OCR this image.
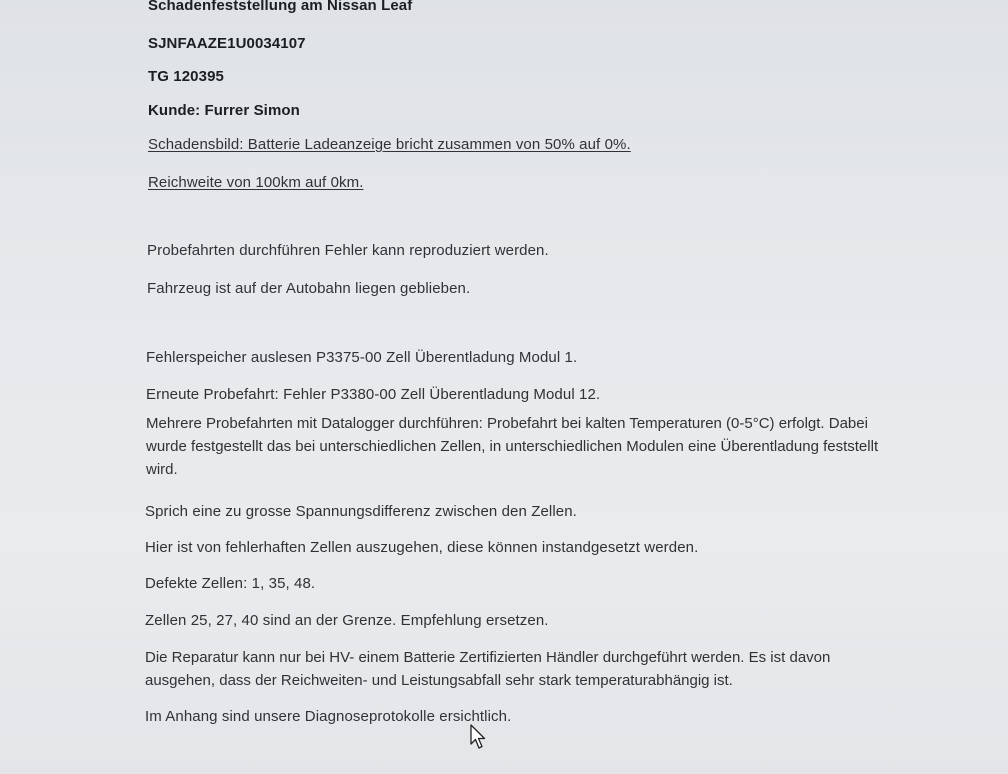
Schadenfeststellung am Nissan Leaf

SJNFAAZE1U0034107

TG 120395

Kunde: Furrer Simon

Schadensbild: Batterie Ladeanzeige bricht zusammen von 50% auf 0%.

Reichweite von 100km auf 0km.

Probefahrten durchführen Fehler kann reproduziert werden.

Fahrzeug ist auf der Autobahn liegen geblieben.

Fehlerspeicher auslesen P3375-00 Zell Überentladung Modul 1.

Erneute Probefahrt: Fehler P3380-00 Zell Überentladung Modul 12.

Mehrere Probefahrten mit Datalogger durchführen: Probefahrt bei kalten Temperaturen (0-5°C) erfolgt. Dabei wurde festgestellt das bei unterschiedlichen Zellen, in unterschiedlichen Modulen eine Überentladung feststellt wird.

Sprich eine zu grosse Spannungsdifferenz zwischen den Zellen.

Hier ist von fehlerhaften Zellen auszugehen, diese können instandgesetzt werden.

Defekte Zellen: 1, 35, 48.

Zellen 25, 27, 40 sind an der Grenze. Empfehlung ersetzen.

Die Reparatur kann nur bei HV- einem Batterie Zertifizierten Händler durchgeführt werden. Es ist davon ausgehen, dass der Reichweiten- und Leistungsabfall sehr stark temperaturabhängig ist.

Im Anhang sind unsere Diagnoseprotokolle ersichtlich.
